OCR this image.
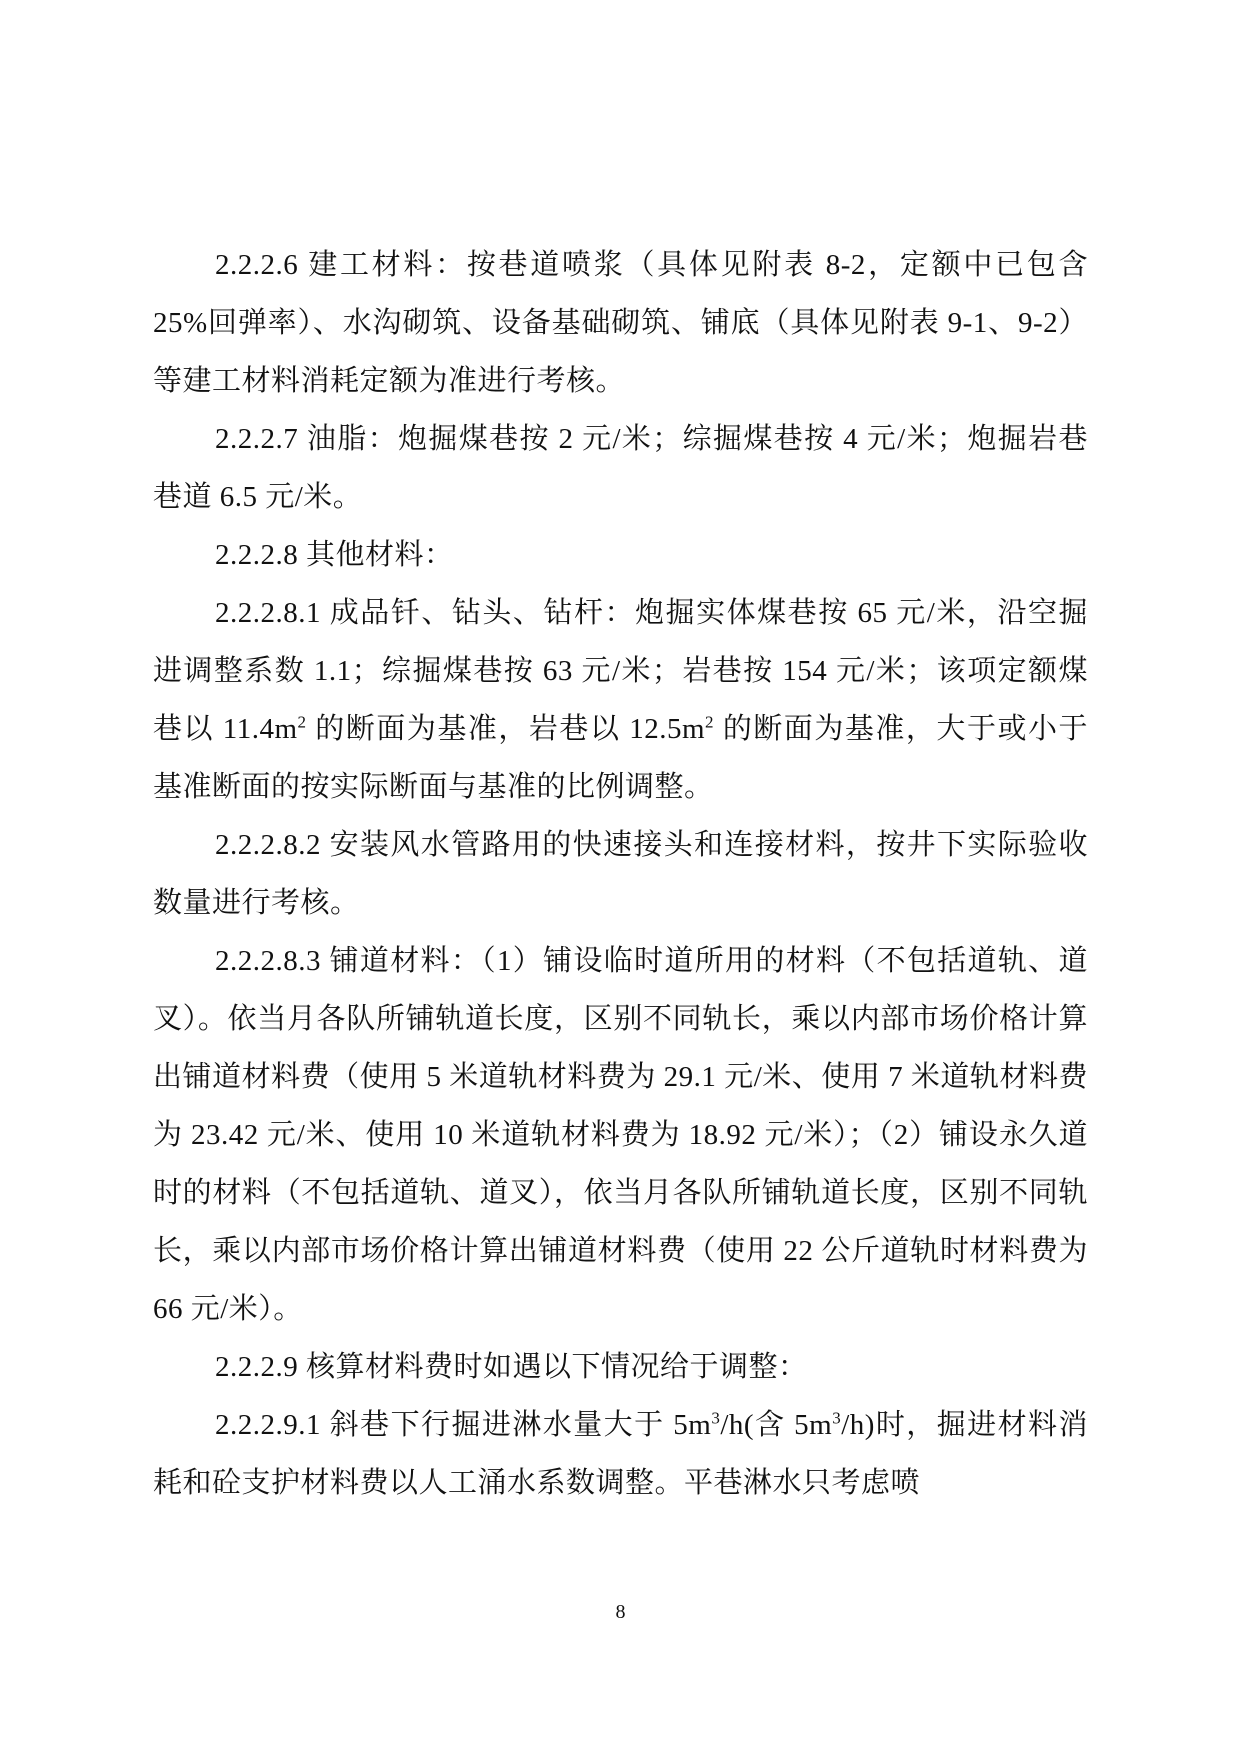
2.2.2.6 建工材料：按巷道喷浆（具体见附表 8-2，定额中已包含 25%回弹率）、水沟砌筑、设备基础砌筑、铺底（具体见附表 9-1、9-2）等建工材料消耗定额为准进行考核。

2.2.2.7 油脂：炮掘煤巷按 2 元/米；综掘煤巷按 4 元/米；炮掘岩巷巷道 6.5 元/米。

2.2.2.8 其他材料：

2.2.2.8.1 成品钎、钻头、钻杆：炮掘实体煤巷按 65 元/米，沿空掘进调整系数 1.1；综掘煤巷按 63 元/米；岩巷按 154 元/米；该项定额煤巷以 $11.4m^2$ 的断面为基准，岩巷以 $12.5m^2$ 的断面为基准，大于或小于基准断面的按实际断面与基准的比例调整。

2.2.2.8.2 安装风水管路用的快速接头和连接材料，按井下实际验收数量进行考核。

2.2.2.8.3 铺道材料：（1）铺设临时道所用的材料（不包括道轨、道叉）。依当月各队所铺轨道长度，区别不同轨长，乘以内部市场价格计算出铺道材料费（使用 5 米道轨材料费为 29.1 元/米、使用 7 米道轨材料费为 23.42 元/米、使用 10 米道轨材料费为 18.92 元/米）；（2）铺设永久道时的材料（不包括道轨、道叉），依当月各队所铺轨道长度，区别不同轨长，乘以内部市场价格计算出铺道材料费（使用 22 公斤道轨时材料费为 66 元/米）。

2.2.2.9 核算材料费时如遇以下情况给于调整：

2.2.2.9.1 斜巷下行掘进淋水量大于 $5m^3/h$(含 $5m^3/h$)时，掘进材料消耗和砼支护材料费以人工涌水系数调整。平巷淋水只考虑喷

8
